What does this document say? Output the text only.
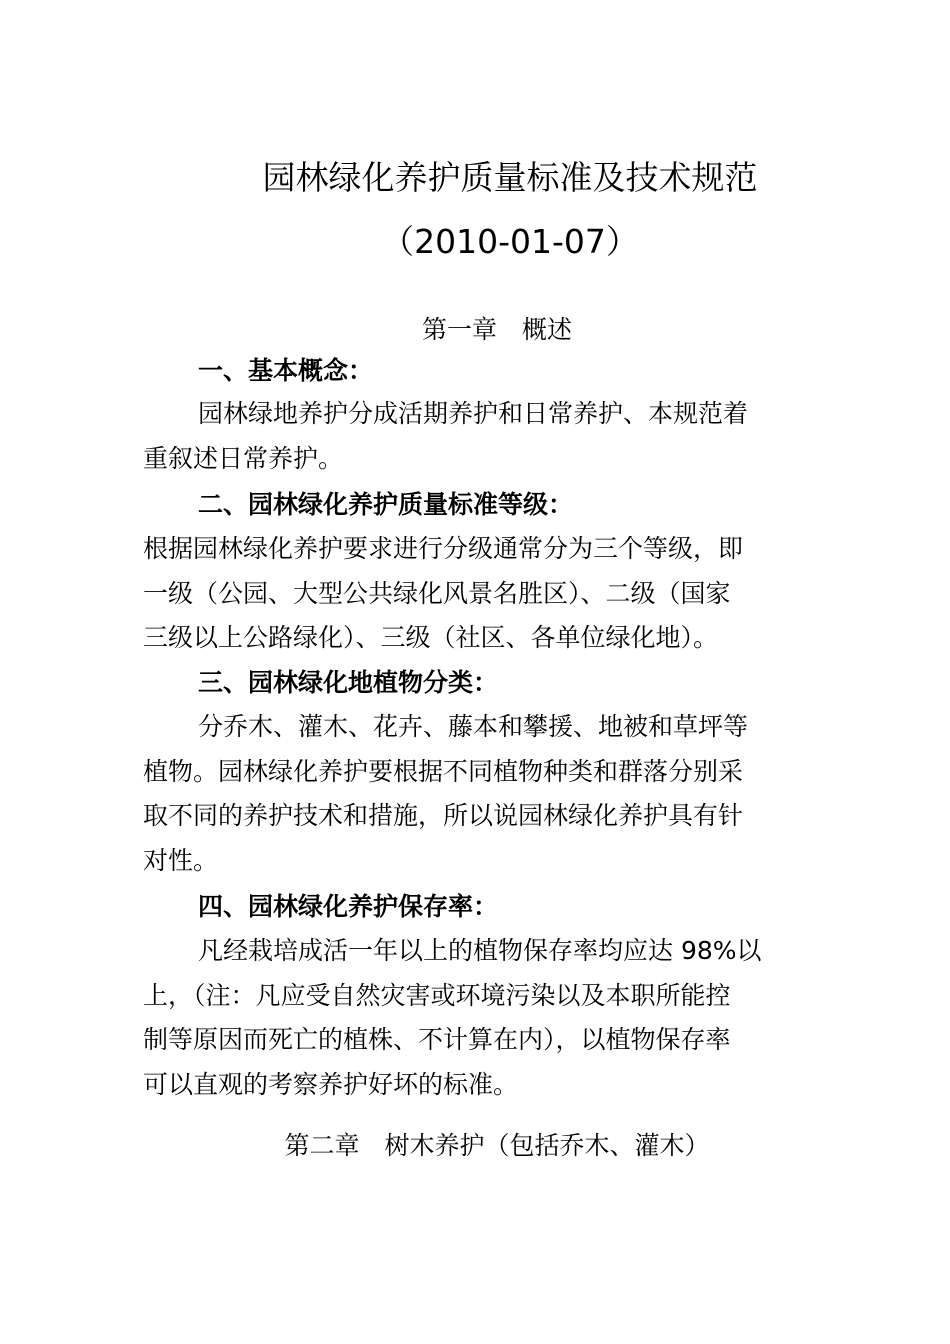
园林绿化养护质量标准及技术规范
（2010-01-07）
第一章　概述
一、基本概念：

园林绿地养护分成活期养护和日常养护、本规范着
重叙述日常养护。

二、园林绿化养护质量标准等级：

根据园林绿化养护要求进行分级通常分为三个等级，即
一级（公园、大型公共绿化风景名胜区）、二级（国家
三级以上公路绿化）、三级（社区、各单位绿化地）。

三、园林绿化地植物分类：

分乔木、灌木、花卉、藤本和攀援、地被和草坪等
植物。园林绿化养护要根据不同植物种类和群落分别采
取不同的养护技术和措施，所以说园林绿化养护具有针
对性。

四、园林绿化养护保存率：

凡经栽培成活一年以上的植物保存率均应达 98%以
上，（注：凡应受自然灾害或环境污染以及本职所能控
制等原因而死亡的植株、不计算在内），以植物保存率
可以直观的考察养护好坏的标准。

第二章　树木养护（包括乔木、灌木）
